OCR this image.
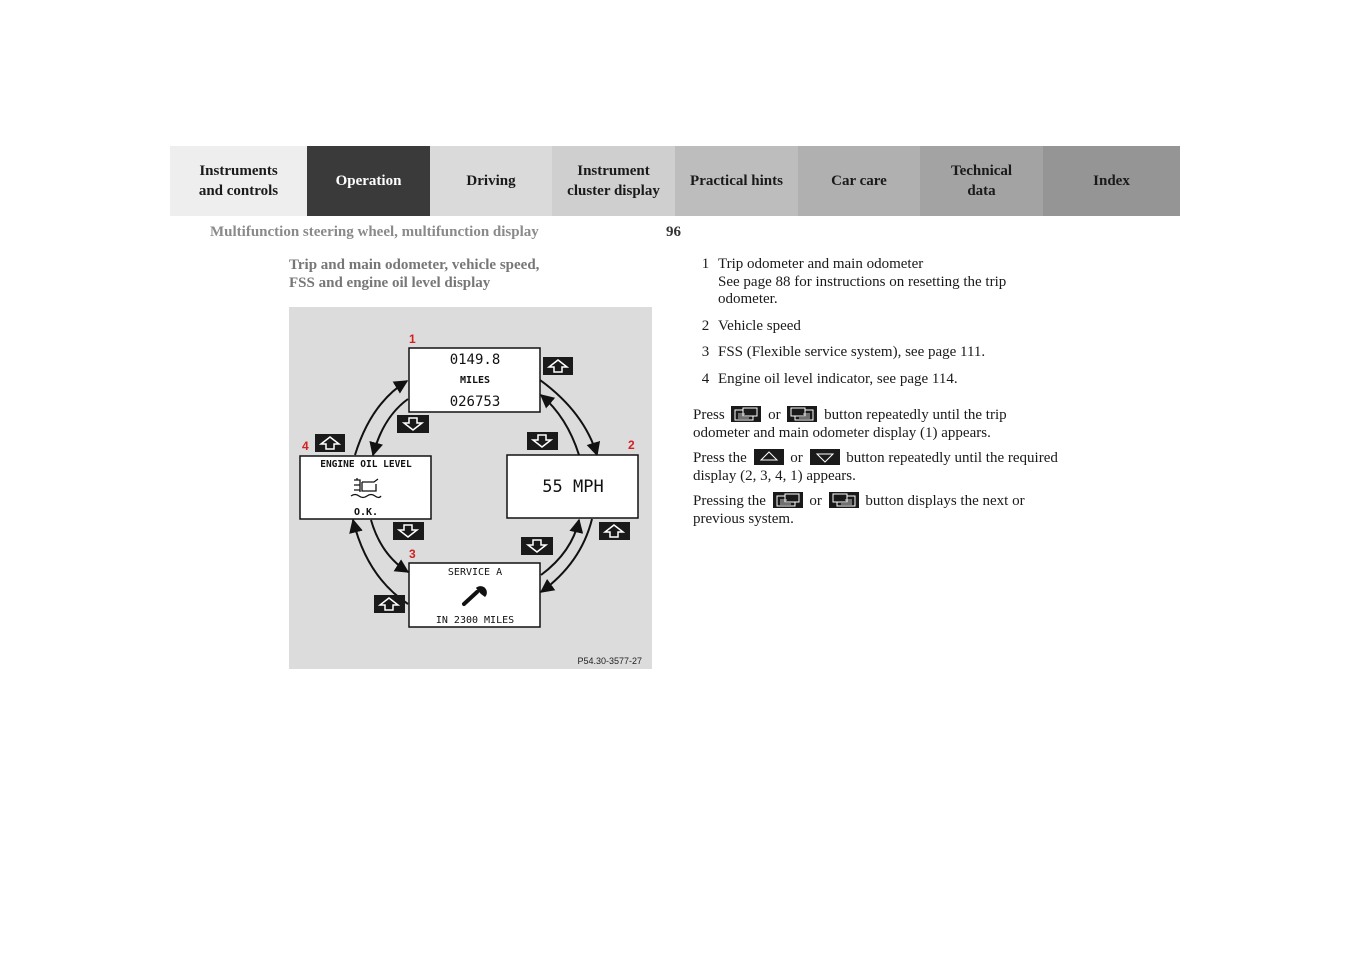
Instruments
and controls
Operation	Driving
Instrument
cluster display
Practical hints	Car care
Technical
data
Index
Multifunction steering wheel, multifunction display	96
Trip and main odometer, vehicle speed,
FSS and engine oil level display
1
0149.8
MILES
026753
2
55 MPH
3
SERVICE A
IN 2300 MILES
4
ENGINE OIL LEVEL
O.K.
P54.30-3577-27
1 Trip odometer and main odometer
See page 88 for instructions on resetting the trip
odometer.
2 Vehicle speed
3 FSS (Flexible service system), see page 111.
4 Engine oil level indicator, see page 114.
Press	or	button repeatedly until the trip odometer and main odometer display (1) appears.
Press the	or	button repeatedly until the required display (2, 3, 4, 1) appears.
Pressing the	or	button displays the next or previous system.
